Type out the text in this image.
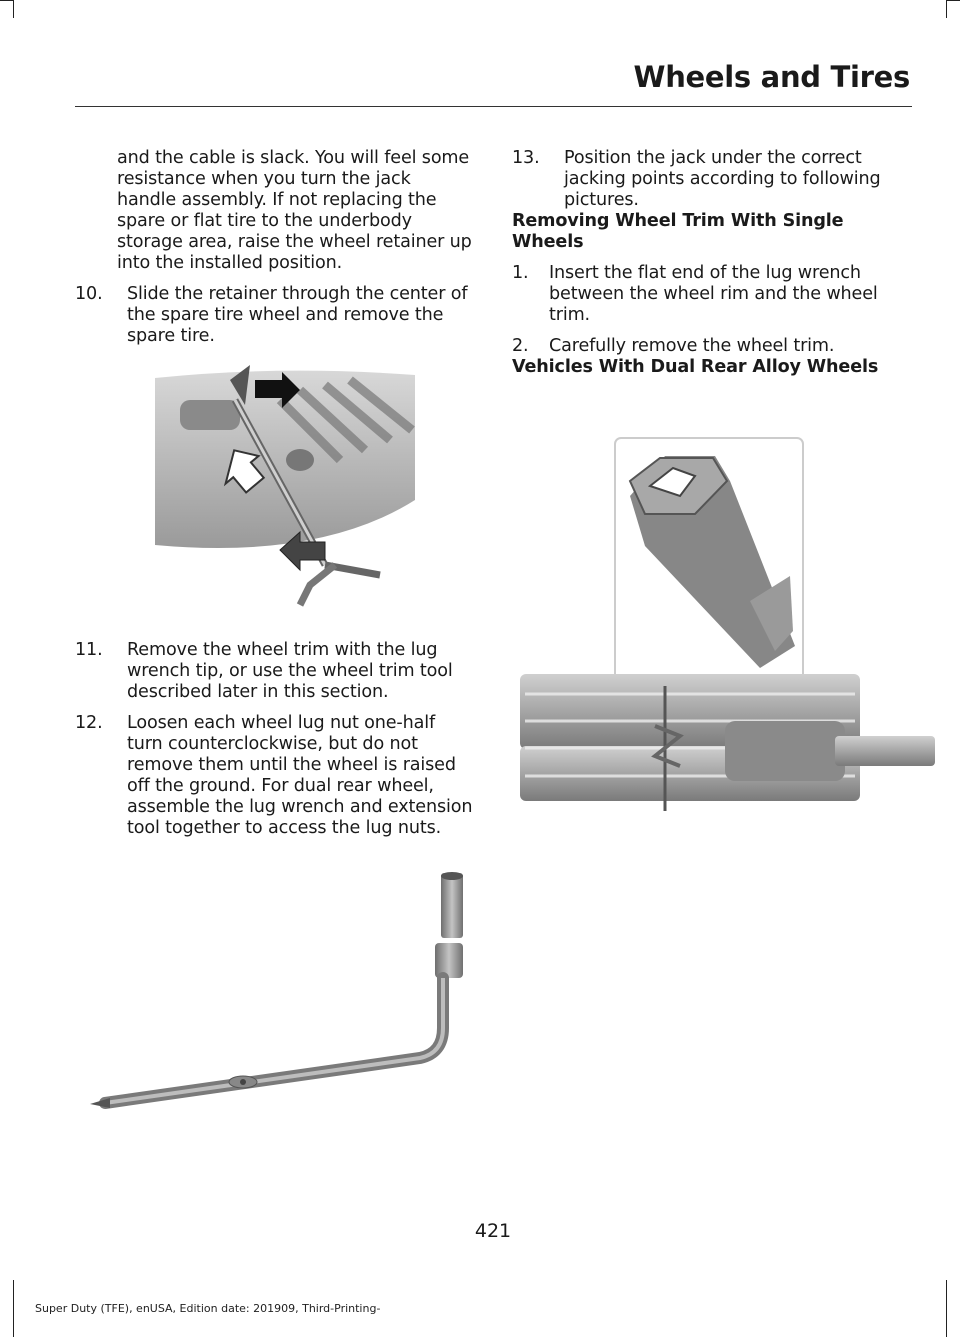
Wheels and Tires

and the cable is slack. You will feel some resistance when you turn the jack handle assembly. If not replacing the spare or flat tire to the underbody storage area, raise the wheel retainer up into the installed position.

10.	Slide the retainer through the center of the spare tire wheel and remove the spare tire.
11.	Remove the wheel trim with the lug wrench tip, or use the wheel trim tool described later in this section.
12.	Loosen each wheel lug nut one-half turn counterclockwise, but do not remove them until the wheel is raised off the ground. For dual rear wheel, assemble the lug wrench and extension tool together to access the lug nuts.
13.	Position the jack under the correct jacking points according to following pictures.

Removing Wheel Trim With Single Wheels

1.	Insert the flat end of the lug wrench between the wheel rim and the wheel trim.
2.	Carefully remove the wheel trim.

Vehicles With Dual Rear Alloy Wheels

421
Super Duty (TFE), enUSA, Edition date: 201909, Third-Printing-
